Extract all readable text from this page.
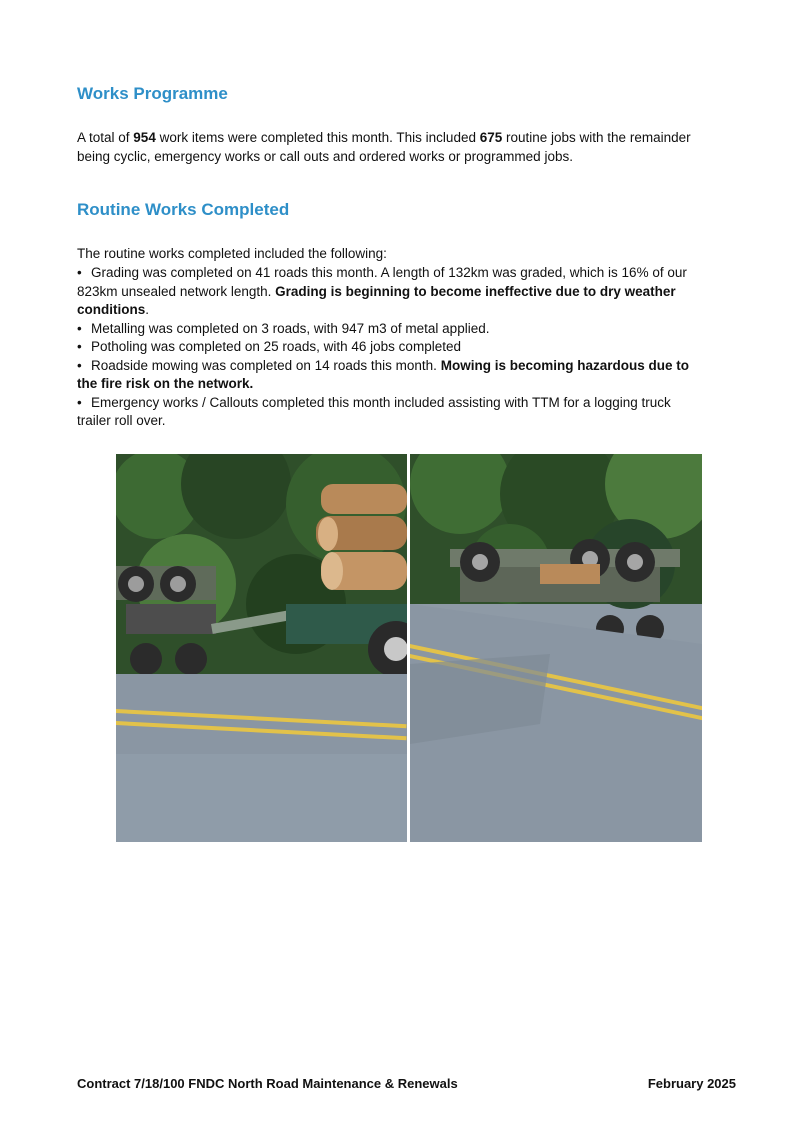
Works Programme

A total of 954 work items were completed this month. This included 675 routine jobs with the remainder being cyclic, emergency works or call outs and ordered works or programmed jobs.

Routine Works Completed

The routine works completed included the following:

• Grading was completed on 41 roads this month. A length of 132km was graded, which is 16% of our 823km unsealed network length. Grading is beginning to become ineffective due to dry weather conditions.
• Metalling was completed on 3 roads, with 947 m3 of metal applied.
• Potholing was completed on 25 roads, with 46 jobs completed
• Roadside mowing was completed on 14 roads this month. Mowing is becoming hazardous due to the fire risk on the network.
• Emergency works / Callouts completed this month included assisting with TTM for a logging truck trailer roll over.
Contract 7/18/100 FNDC North Road Maintenance & Renewals	February 2025
